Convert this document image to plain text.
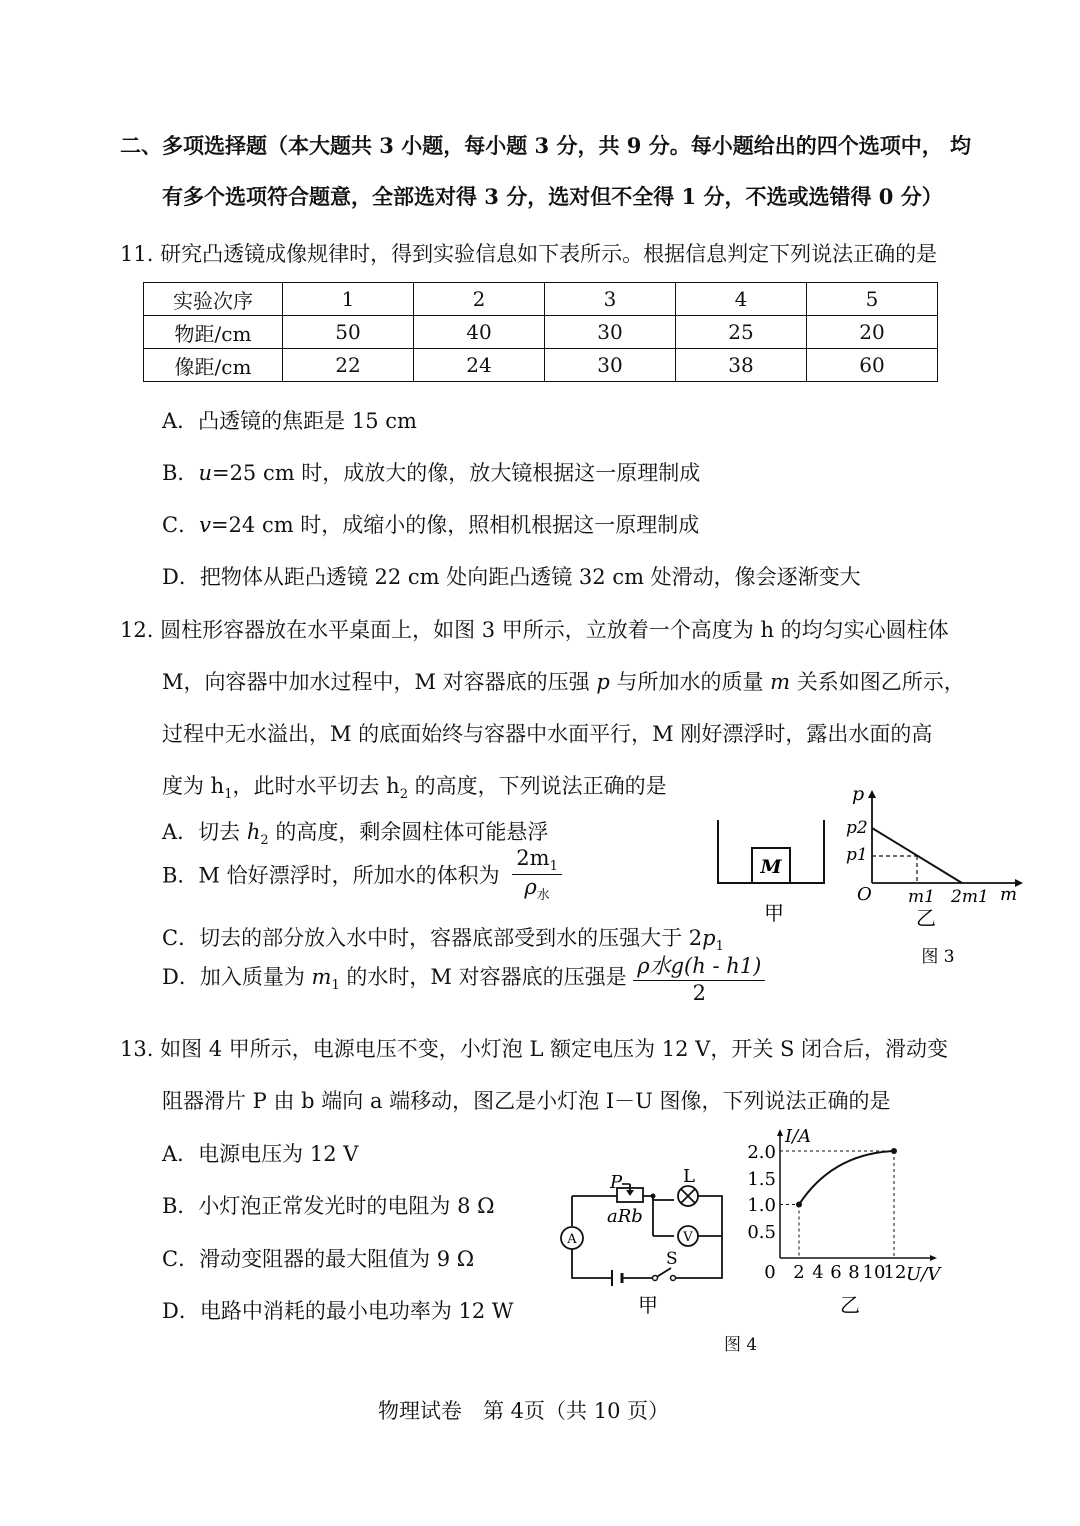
二、多项选择题（本大题共 3 小题，每小题 3 分，共 9 分。每小题给出的四个选项中， 均
有多个选项符合题意，全部选对得 3 分，选对但不全得 1 分，不选或选错得 0 分）
11. 研究凸透镜成像规律时，得到实验信息如下表所示。根据信息判定下列说法正确的是
实验次序	1	2	3	4	5
物距/cm	50	40	30	25	20
像距/cm	22	24	30	38	60
A．凸透镜的焦距是 15 cm
B．u=25 cm 时，成放大的像，放大镜根据这一原理制成
C．v=24 cm 时，成缩小的像，照相机根据这一原理制成
D．把物体从距凸透镜 22 cm 处向距凸透镜 32 cm 处滑动，像会逐渐变大
12. 圆柱形容器放在水平桌面上，如图 3 甲所示，立放着一个高度为 h 的均匀实心圆柱体
M，向容器中加水过程中，M 对容器底的压强 p 与所加水的质量 m 关系如图乙所示，
过程中无水溢出，M 的底面始终与容器中水面平行，M 刚好漂浮时，露出水面的高
度为 $h_1$，此时水平切去 $h_2$ 的高度，下列说法正确的是
A．切去 $h_2$ 的高度，剩余圆柱体可能悬浮
B．M 恰好漂浮时，所加水的体积为 $\frac{2m_1}{\rho_水}$
C．切去的部分放入水中时，容器底部受到水的压强大于 $2p_1$
D．加入质量为 $m_1$ 的水时，M 对容器底的压强是 $\frac{\text{ρ水g(h - h1)}}{2}$
M
甲
p
p2
p1
O m1 2m1 m
乙
图 3
13. 如图 4 甲所示，电源电压不变，小灯泡 L 额定电压为 12 V，开关 S 闭合后，滑动变
阻器滑片 P 由 b 端向 a 端移动，图乙是小灯泡 I－U 图像，下列说法正确的是
A．电源电压为 12 V
B．小灯泡正常发光时的电阻为 8 Ω
C．滑动变阻器的最大阻值为 9 Ω
D．电路中消耗的最小电功率为 12 W
P
aRb
L
V
A
S
甲
I/A
U/V
2.0
1.5
1.0
0.5
0 2 4 6 8 10
12
乙
图 4
物理试卷　第 4页（共 10 页）
